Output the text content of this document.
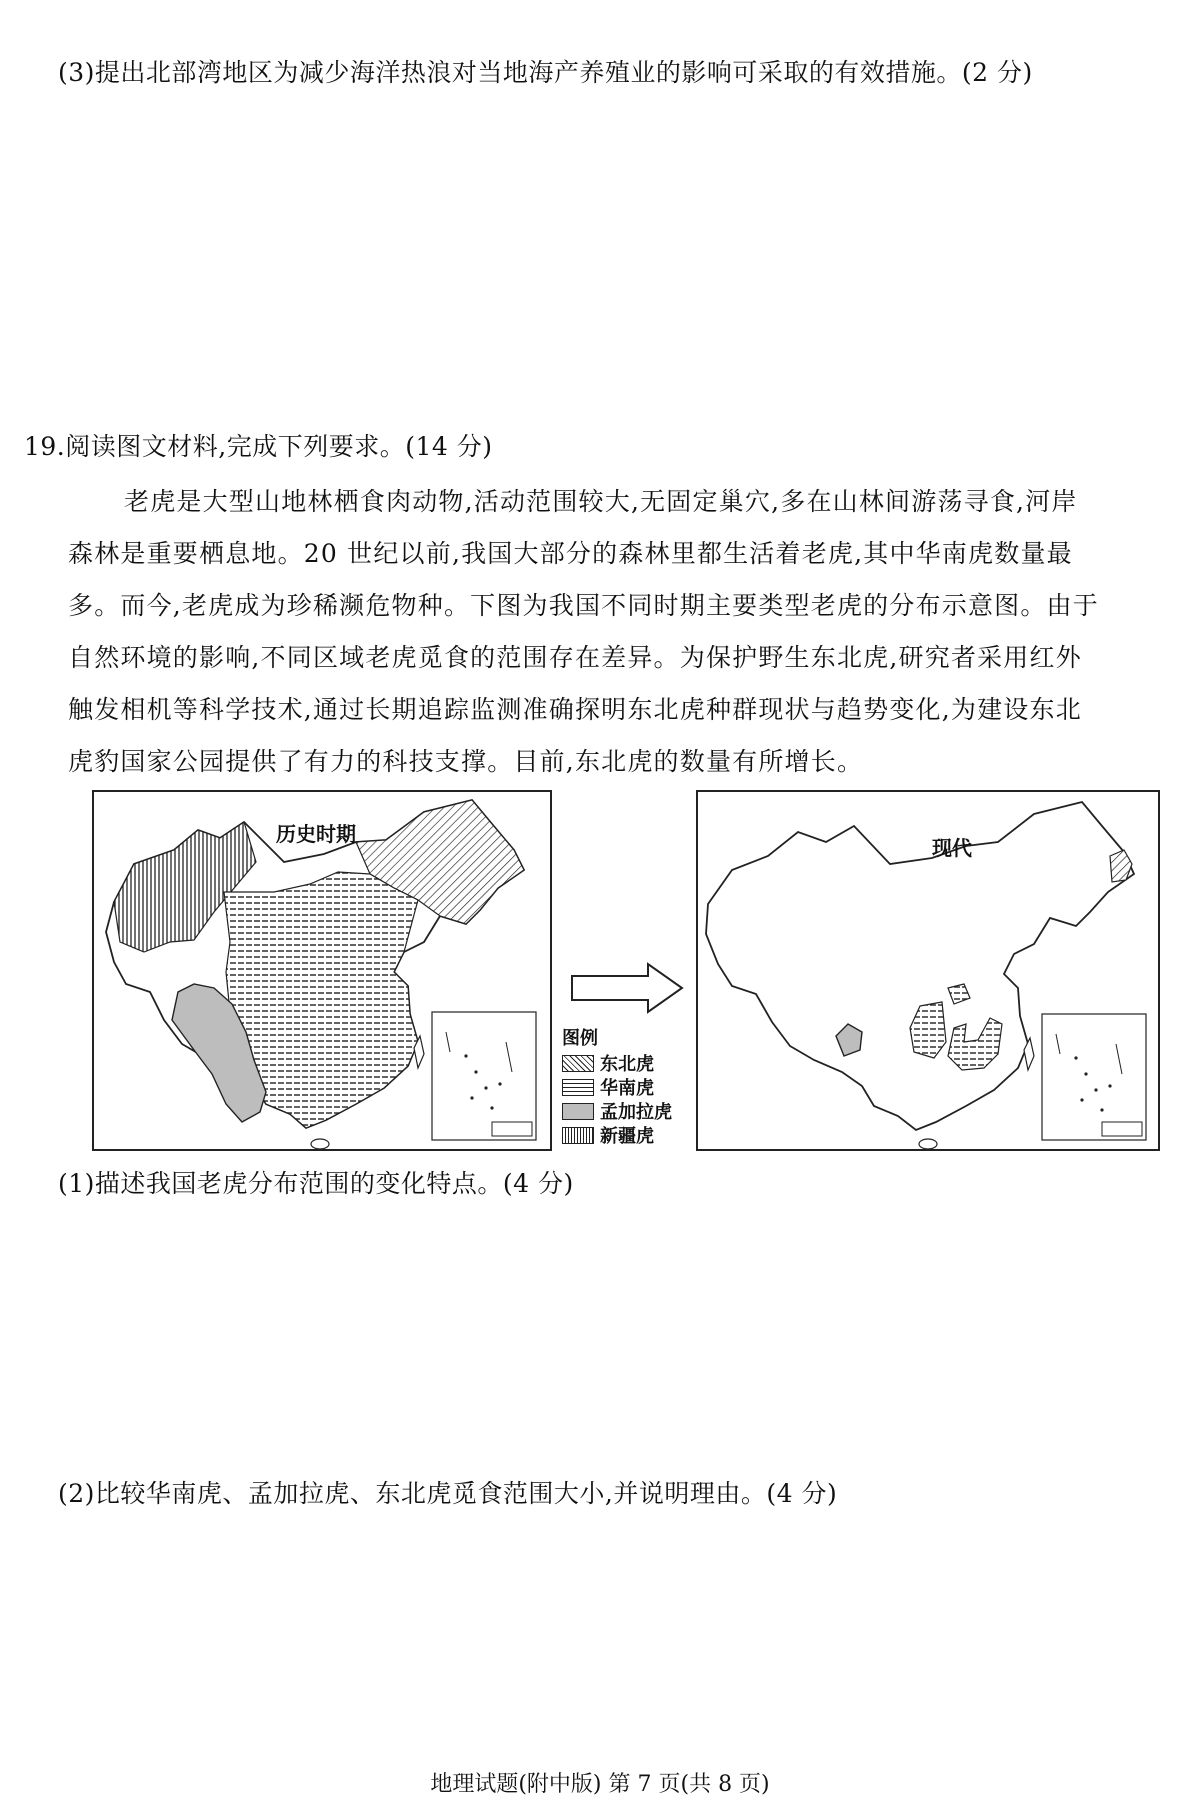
(3)提出北部湾地区为减少海洋热浪对当地海产养殖业的影响可采取的有效措施。(2 分)
19.阅读图文材料,完成下列要求。(14 分)
老虎是大型山地林栖食肉动物,活动范围较大,无固定巢穴,多在山林间游荡寻食,河岸
森林是重要栖息地。20 世纪以前,我国大部分的森林里都生活着老虎,其中华南虎数量最
多。而今,老虎成为珍稀濒危物种。下图为我国不同时期主要类型老虎的分布示意图。由于
自然环境的影响,不同区域老虎觅食的范围存在差异。为保护野生东北虎,研究者采用红外
触发相机等科学技术,通过长期追踪监测准确探明东北虎种群现状与趋势变化,为建设东北
虎豹国家公园提供了有力的科技支撑。目前,东北虎的数量有所增长。
历史时期
图例
东北虎
华南虎
孟加拉虎
新疆虎
现代
(1)描述我国老虎分布范围的变化特点。(4 分)
(2)比较华南虎、孟加拉虎、东北虎觅食范围大小,并说明理由。(4 分)
地理试题(附中版) 第 7 页(共 8 页)
